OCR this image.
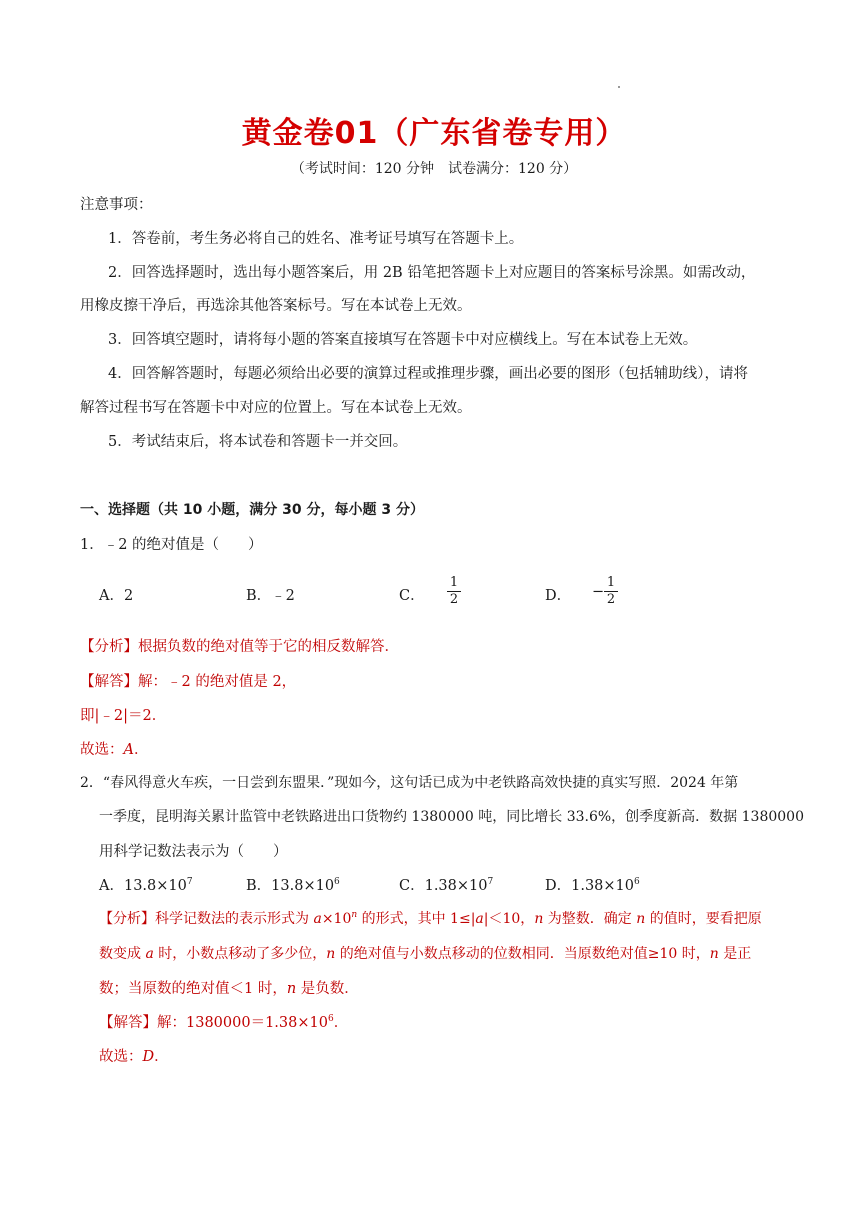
黄金卷01（广东省卷专用）
（考试时间：120 分钟　试卷满分：120 分）
注意事项：
1．答卷前，考生务必将自己的姓名、准考证号填写在答题卡上。
2．回答选择题时，选出每小题答案后，用 2B 铅笔把答题卡上对应题目的答案标号涂黑。如需改动，
用橡皮擦干净后，再选涂其他答案标号。写在本试卷上无效。
3．回答填空题时，请将每小题的答案直接填写在答题卡中对应横线上。写在本试卷上无效。
4．回答解答题时，每题必须给出必要的演算过程或推理步骤，画出必要的图形（包括辅助线），请将
解答过程书写在答题卡中对应的位置上。写在本试卷上无效。
5．考试结束后，将本试卷和答题卡一并交回。
一、选择题（共 10 小题，满分 30 分，每小题 3 分）
1．﹣2 的绝对值是（　　）
A．2	B．﹣2	C．
1
2	D． −
1
2
【分析】根据负数的绝对值等于它的相反数解答．
【解答】解：﹣2 的绝对值是 2，
即|﹣2|＝2．
故选：A．
2．“春风得意火车疾，一日尝到东盟果．”现如今，这句话已成为中老铁路高效快捷的真实写照．2024 年第
一季度，昆明海关累计监管中老铁路进出口货物约 1380000 吨，同比增长 33.6%，创季度新高．数据 1380000
用科学记数法表示为（　　）
A．$13.8\times 10^7$	B．$13.8\times 10^6$	C．$1.38\times 10^7$	D．$1.38\times 10^6$
【分析】科学记数法的表示形式为 $a\times 10^n$ 的形式，其中 1≤|a|＜10，n 为整数．确定 n 的值时，要看把原
数变成 a 时，小数点移动了多少位，n 的绝对值与小数点移动的位数相同．当原数绝对值≥10 时，n 是正
数；当原数的绝对值＜1 时，n 是负数．
【解答】解：$1380000=1.38\times 10^6$．
故选：D．
